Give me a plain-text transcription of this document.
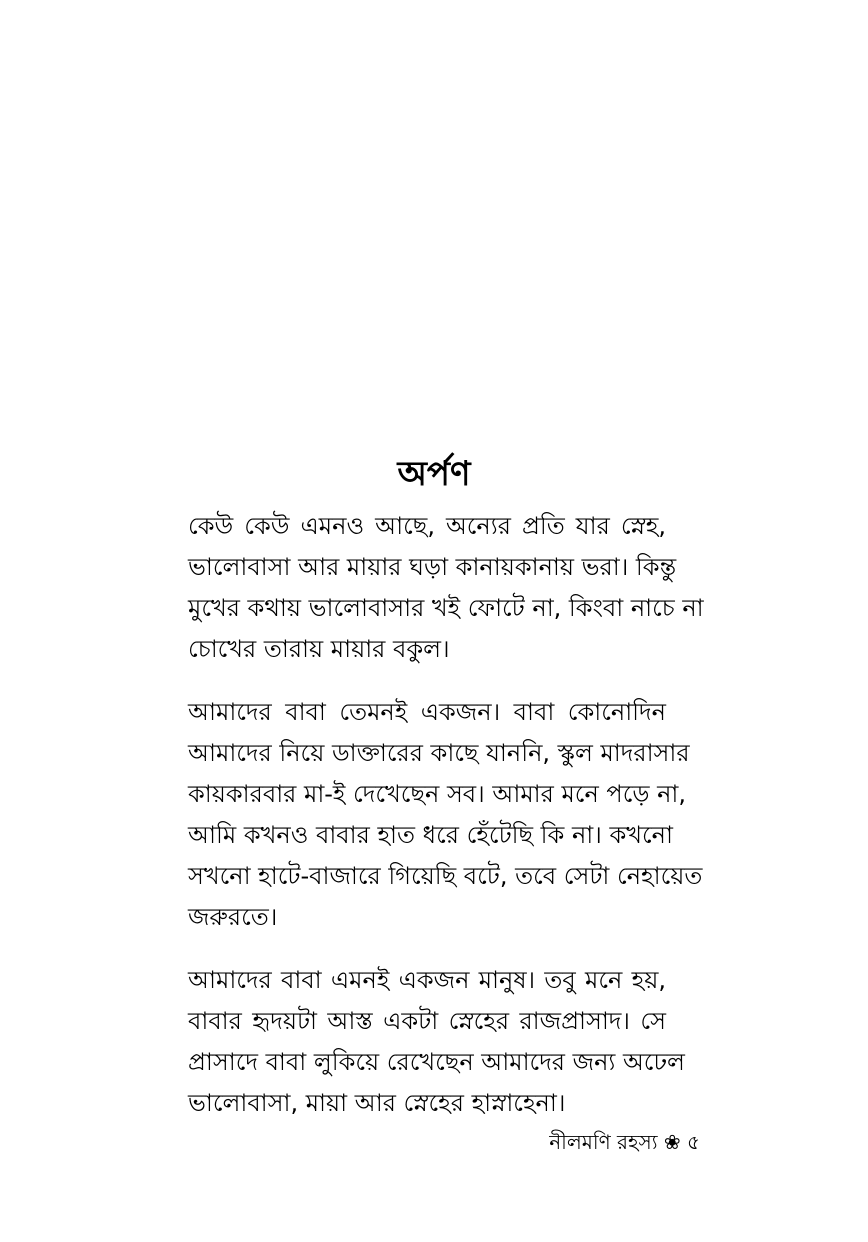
অর্পণ

কেউ কেউ এমনও আছে, অন্যের প্রতি যার স্নেহ,
ভালোবাসা আর মায়ার ঘড়া কানায়কানায় ভরা। কিন্তু
মুখের কথায় ভালোবাসার খই ফোটে না, কিংবা নাচে না
চোখের তারায় মায়ার বকুল।

আমাদের বাবা তেমনই একজন। বাবা কোনোদিন
আমাদের নিয়ে ডাক্তারের কাছে যাননি, স্কুল মাদরাসার
কায়কারবার মা-ই দেখেছেন সব। আমার মনে পড়ে না,
আমি কখনও বাবার হাত ধরে হেঁটেছি কি না। কখনো
সখনো হাটে-বাজারে গিয়েছি বটে, তবে সেটা নেহায়েত
জরুরতে।

আমাদের বাবা এমনই একজন মানুষ। তবু মনে হয়,
বাবার হৃদয়টা আস্ত একটা স্নেহের রাজপ্রাসাদ। সে
প্রাসাদে বাবা লুকিয়ে রেখেছেন আমাদের জন্য অঢেল
ভালোবাসা, মায়া আর স্নেহের হাস্নাহেনা।

নীলমণি রহস্য ❀ ৫
